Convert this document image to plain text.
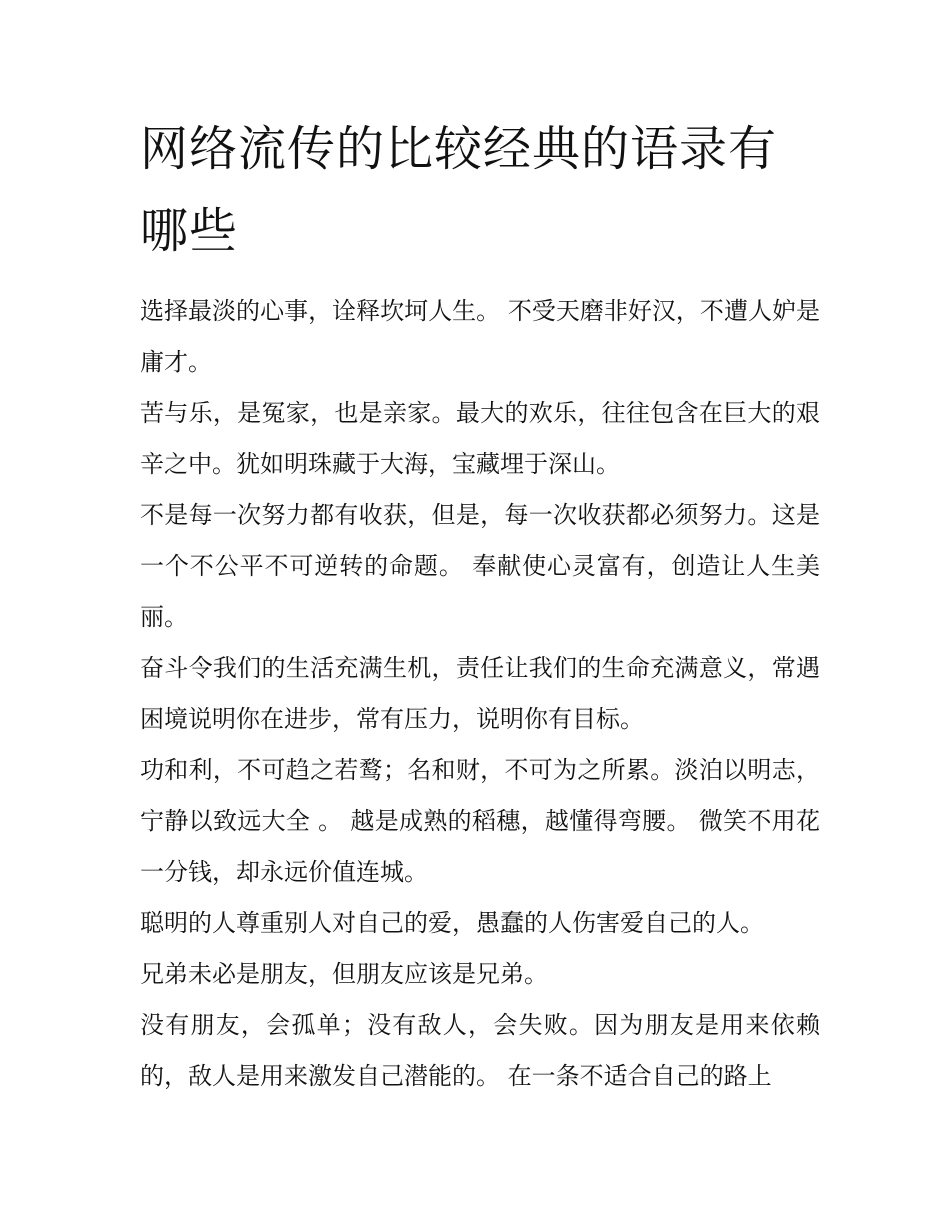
网络流传的比较经典的语录有哪些

选择最淡的心事，诠释坎坷人生。 不受天磨非好汉，不遭人妒是庸才。

苦与乐，是冤家，也是亲家。最大的欢乐，往往包含在巨大的艰辛之中。犹如明珠藏于大海，宝藏埋于深山。

不是每一次努力都有收获，但是，每一次收获都必须努力。这是一个不公平不可逆转的命题。 奉献使心灵富有，创造让人生美丽。

奋斗令我们的生活充满生机，责任让我们的生命充满意义，常遇困境说明你在进步，常有压力，说明你有目标。

功和利，不可趋之若鹜；名和财，不可为之所累。淡泊以明志，宁静以致远大全 。 越是成熟的稻穗，越懂得弯腰。 微笑不用花一分钱，却永远价值连城。

聪明的人尊重别人对自己的爱，愚蠢的人伤害爱自己的人。

兄弟未必是朋友，但朋友应该是兄弟。

没有朋友，会孤单；没有敌人，会失败。因为朋友是用来依赖的，敌人是用来激发自己潜能的。 在一条不适合自己的路上
